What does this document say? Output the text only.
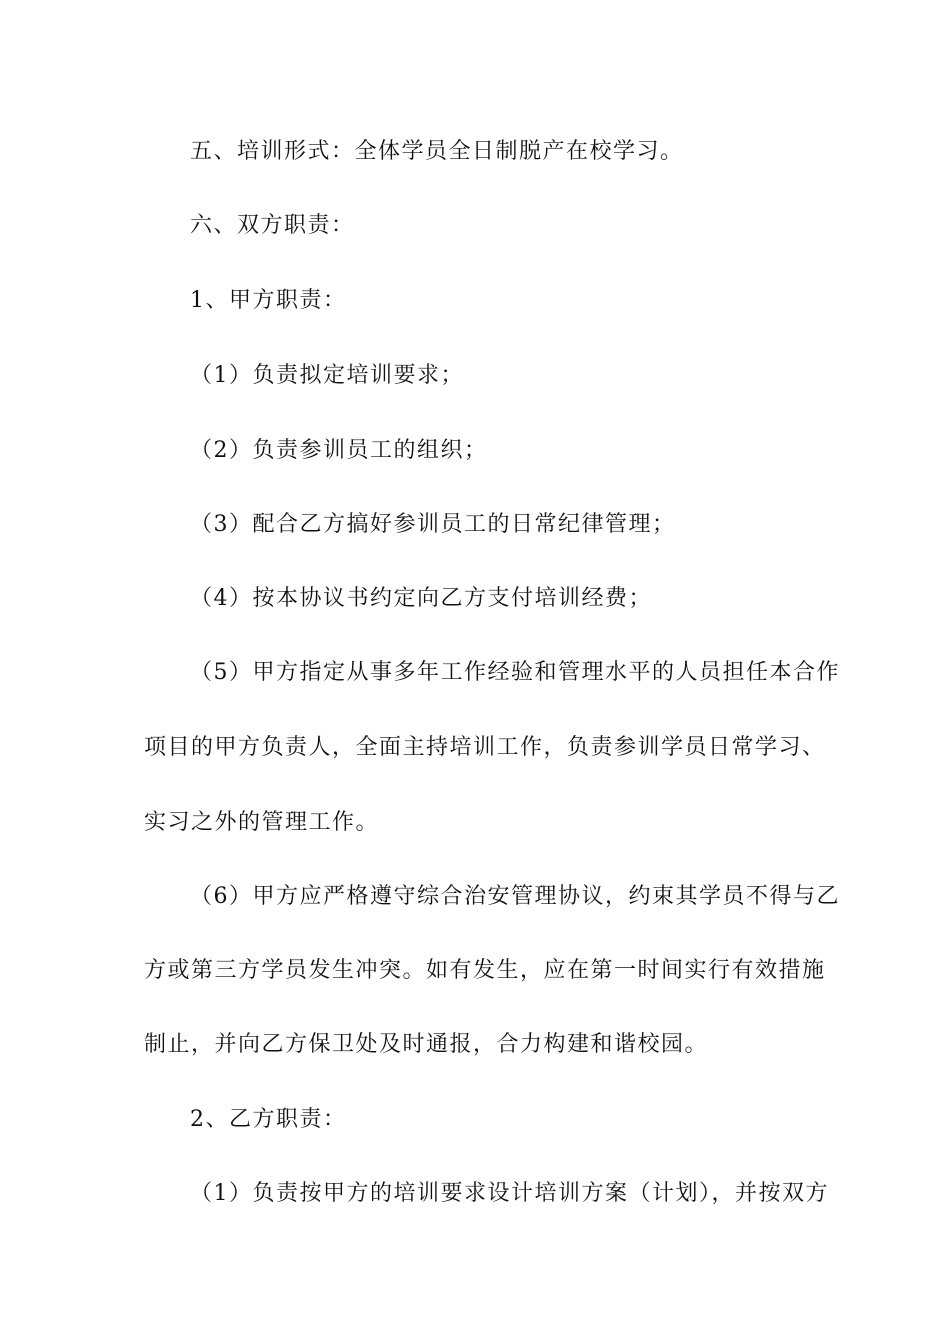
五、培训形式：全体学员全日制脱产在校学习。

六、双方职责：

1、甲方职责：

（1）负责拟定培训要求；

（2）负责参训员工的组织；

（3）配合乙方搞好参训员工的日常纪律管理；

（4）按本协议书约定向乙方支付培训经费；

（5）甲方指定从事多年工作经验和管理水平的人员担任本合作

项目的甲方负责人，全面主持培训工作，负责参训学员日常学习、

实习之外的管理工作。

（6）甲方应严格遵守综合治安管理协议，约束其学员不得与乙

方或第三方学员发生冲突。如有发生，应在第一时间实行有效措施

制止，并向乙方保卫处及时通报，合力构建和谐校园。

2、乙方职责：

（1）负责按甲方的培训要求设计培训方案（计划），并按双方
